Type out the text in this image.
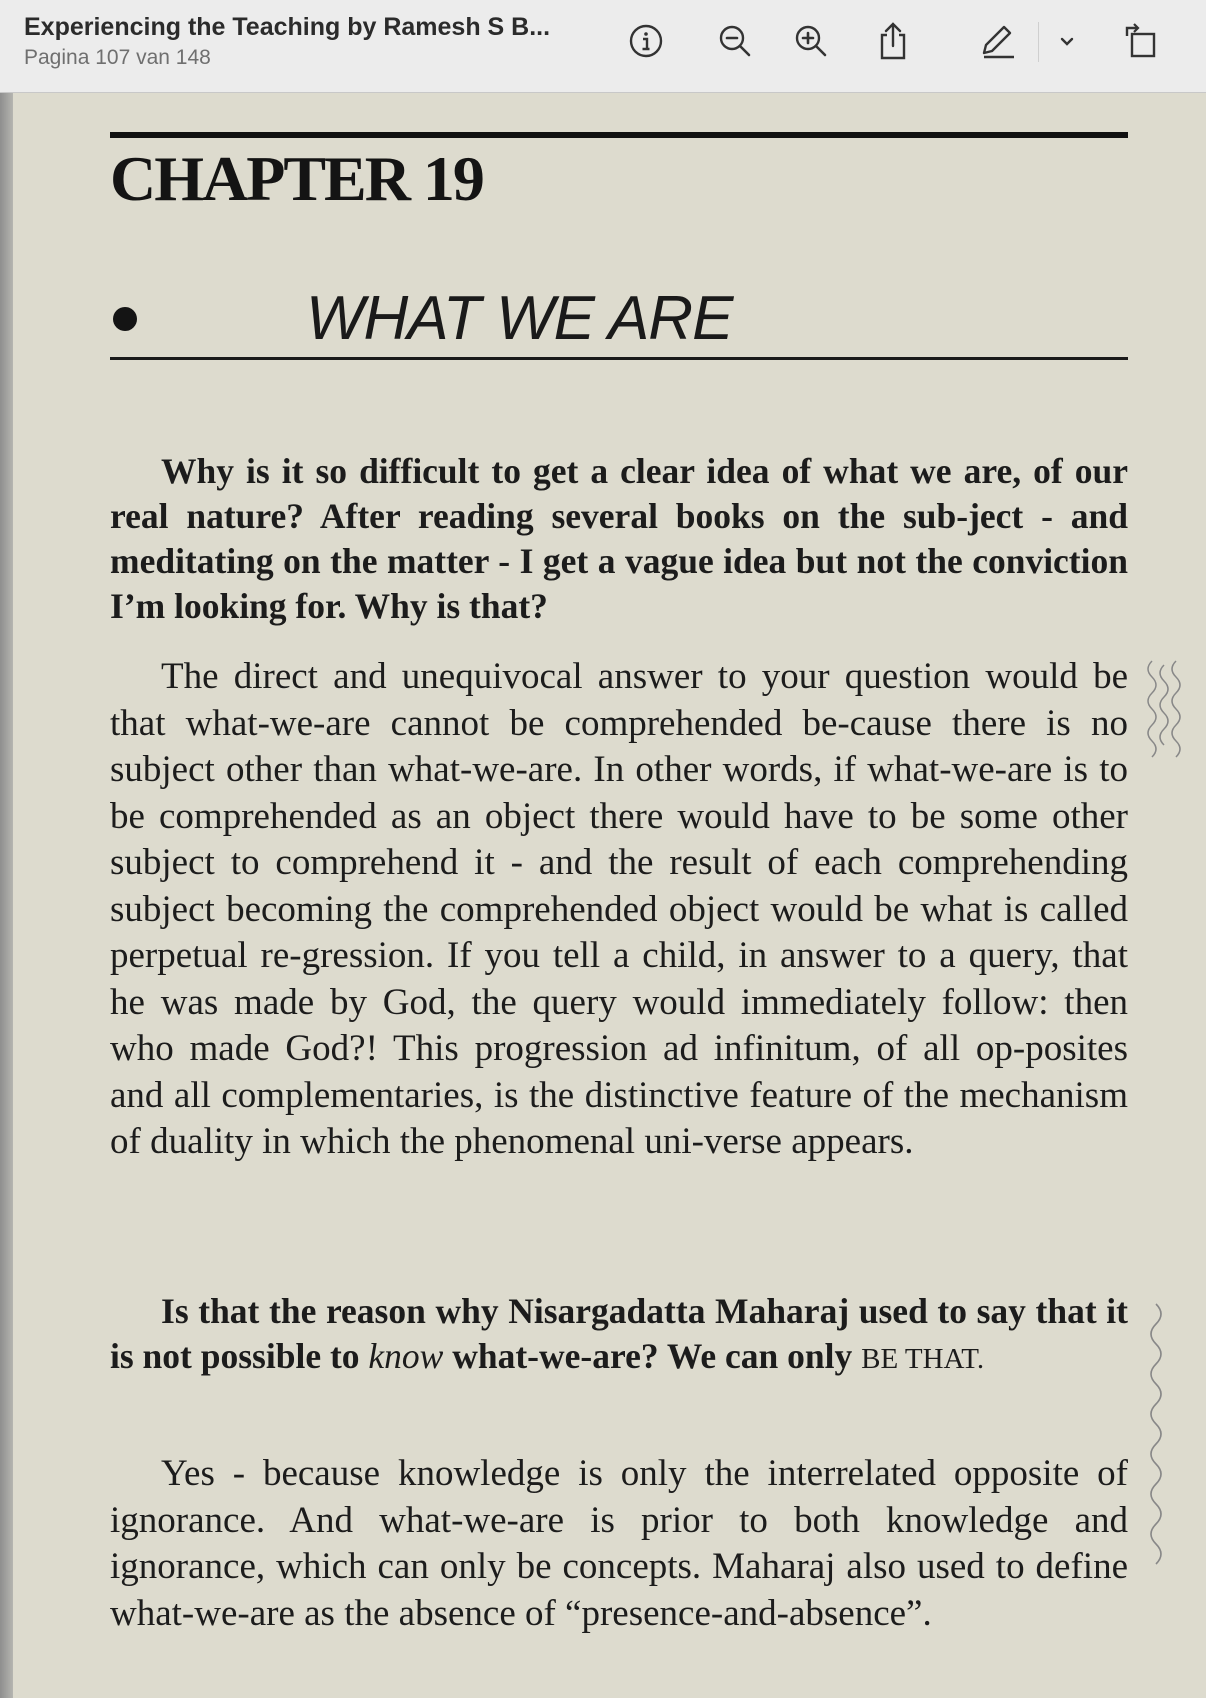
Experiencing the Teaching by Ramesh S B...
Pagina 107 van 148
CHAPTER 19
WHAT WE ARE

Why is it so difficult to get a clear idea of what we are, of our real nature? After reading several books on the sub-ject - and meditating on the matter - I get a vague idea but not the conviction I’m looking for. Why is that?

The direct and unequivocal answer to your question would be that what-we-are cannot be comprehended be-cause there is no subject other than what-we-are. In other words, if what-we-are is to be comprehended as an object there would have to be some other subject to comprehend it - and the result of each comprehending subject becoming the comprehended object would be what is called perpetual re-gression. If you tell a child, in answer to a query, that he was made by God, the query would immediately follow: then who made God?! This progression ad infinitum, of all op-posites and all complementaries, is the distinctive feature of the mechanism of duality in which the phenomenal uni-verse appears.

Is that the reason why Nisargadatta Maharaj used to say that it is not possible to know what-we-are? We can only BE THAT.

Yes - because knowledge is only the interrelated opposite of ignorance. And what-we-are is prior to both knowledge and ignorance, which can only be concepts. Maharaj also used to define what-we-are as the absence of “presence-and-absence”.
